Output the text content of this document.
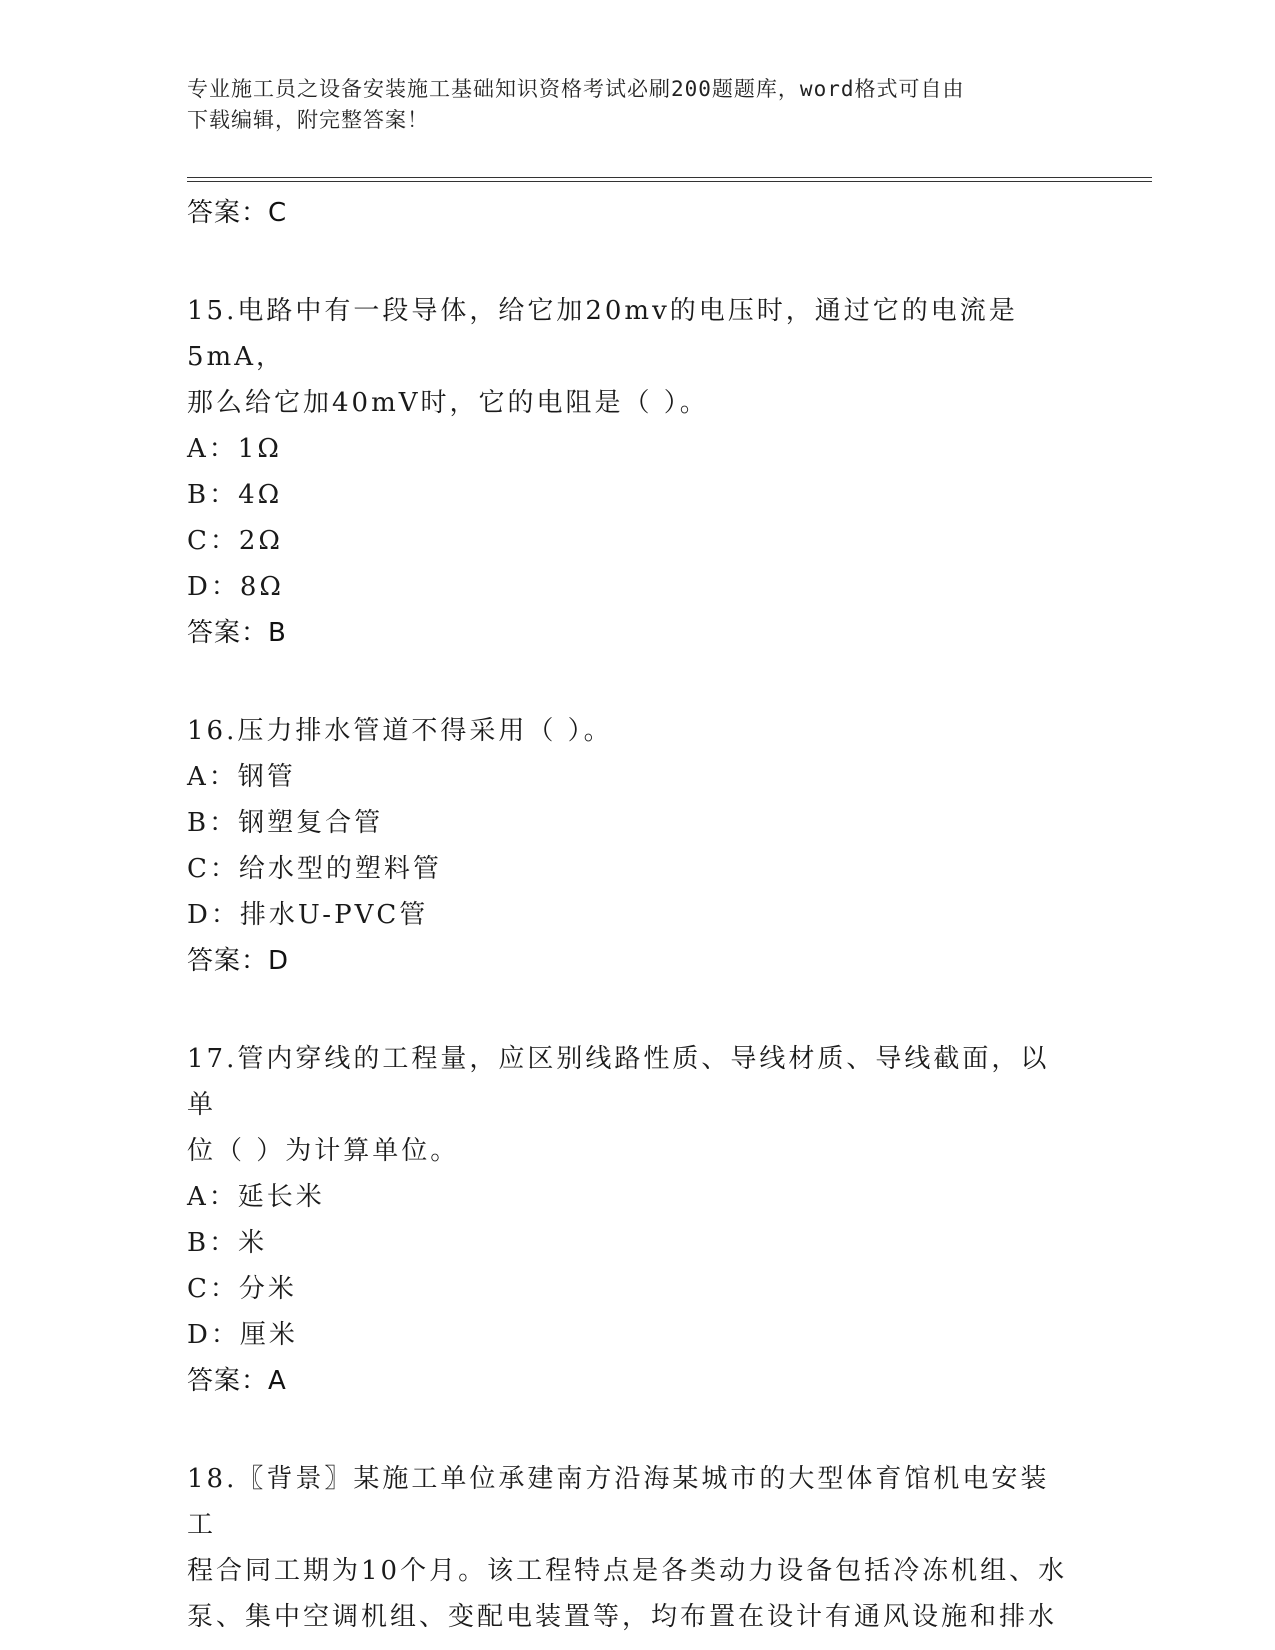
专业施工员之设备安装施工基础知识资格考试必刷200题题库，word格式可自由
下载编辑，附完整答案！
答案：C
15.电路中有一段导体，给它加20mv的电压时，通过它的电流是5mA，
那么给它加40mV时，它的电阻是（ ）。
A：1Ω
B：4Ω
C：2Ω
D：8Ω
答案：B
16.压力排水管道不得采用（ ）。
A：钢管
B：钢塑复合管
C：给水型的塑料管
D：排水U-PVC管
答案：D
17.管内穿线的工程量，应区别线路性质、导线材质、导线截面，以单
位（ ）为计算单位。
A：延长米
B：米
C：分米
D：厘米
答案：A
18.〖背景〗某施工单位承建南方沿海某城市的大型体育馆机电安装工
程合同工期为10个月。该工程特点是各类动力设备包括冷冻机组、水
泵、集中空调机组、变配电装置等，均布置在设计有通风设施和排水
